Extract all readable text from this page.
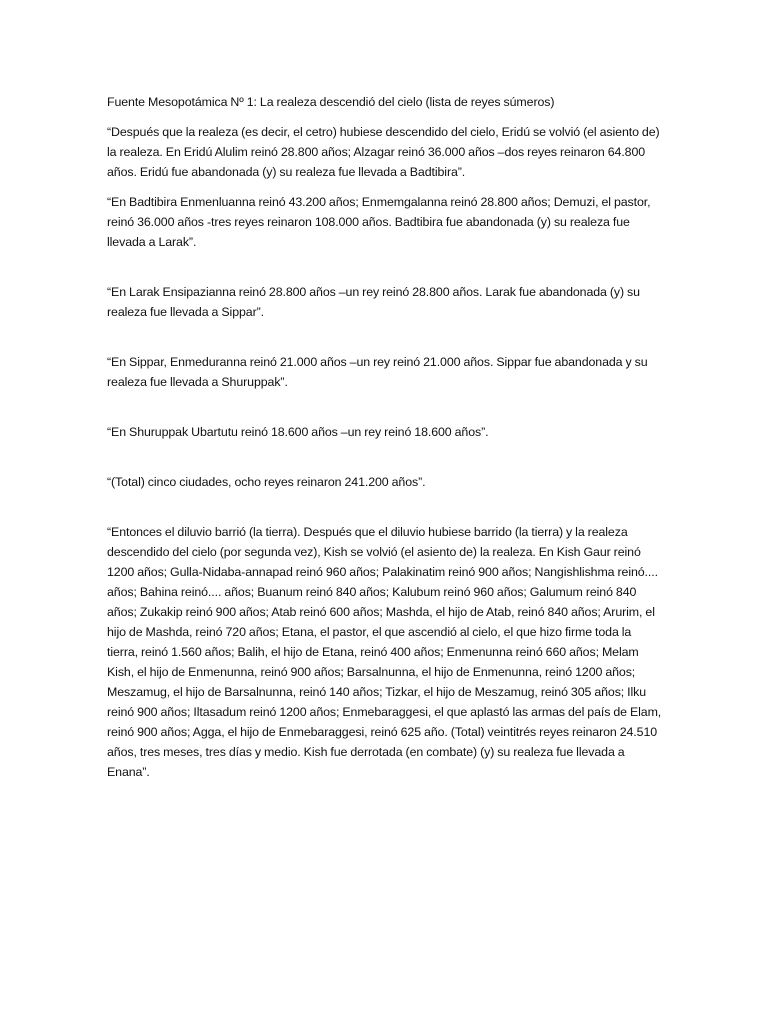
Fuente Mesopotámica Nº 1: La realeza descendió del cielo (lista de reyes súmeros)

“Después que la realeza (es decir, el cetro) hubiese descendido del cielo, Eridú se volvió (el asiento de) la realeza. En Eridú Alulim reinó 28.800 años; Alzagar reinó 36.000 años –dos reyes reinaron 64.800 años. Eridú fue abandonada (y) su realeza fue llevada a Badtibira”.

“En Badtibira Enmenluanna reinó 43.200 años; Enmemgalanna reinó 28.800 años; Demuzi, el pastor, reinó 36.000 años -tres reyes reinaron 108.000 años. Badtibira fue abandonada (y) su realeza fue llevada a Larak”.

“En Larak Ensipazianna reinó 28.800 años –un rey reinó 28.800 años. Larak fue abandonada (y) su realeza fue llevada a Sippar”.

“En Sippar, Enmeduranna reinó 21.000 años –un rey reinó 21.000 años. Sippar fue abandonada y su realeza fue llevada a Shuruppak”.

“En Shuruppak Ubartutu reinó 18.600 años –un rey reinó 18.600 años”.

“(Total) cinco ciudades, ocho reyes reinaron 241.200 años”.

“Entonces el diluvio barrió (la tierra). Después que el diluvio hubiese barrido (la tierra) y la realeza descendido del cielo (por segunda vez), Kish se volvió (el asiento de) la realeza. En Kish Gaur reinó 1200 años; Gulla-Nidaba-annapad reinó 960 años; Palakinatim reinó 900 años; Nangishlishma reinó.... años; Bahina reinó.... años; Buanum reinó 840 años; Kalubum reinó 960 años; Galumum reinó 840 años; Zukakip reinó 900 años; Atab reinó 600 años; Mashda, el hijo de Atab, reinó 840 años; Arurim, el hijo de Mashda, reinó 720 años; Etana, el pastor, el que ascendió al cielo, el que hizo firme toda la tierra, reinó 1.560 años; Balih, el hijo de Etana, reinó 400 años; Enmenunna reinó 660 años; Melam Kish, el hijo de Enmenunna, reinó 900 años; Barsalnunna, el hijo de Enmenunna, reinó 1200 años; Meszamug, el hijo de Barsalnunna, reinó 140 años; Tizkar, el hijo de Meszamug, reinó 305 años; Ilku reinó 900 años; Iltasadum reinó 1200 años; Enmebaraggesi, el que aplastó las armas del país de Elam, reinó 900 años; Agga, el hijo de Enmebaraggesi, reinó 625 año. (Total) veintitrés reyes reinaron 24.510 años, tres meses, tres días y medio. Kish fue derrotada (en combate) (y) su realeza fue llevada a Enana”.
